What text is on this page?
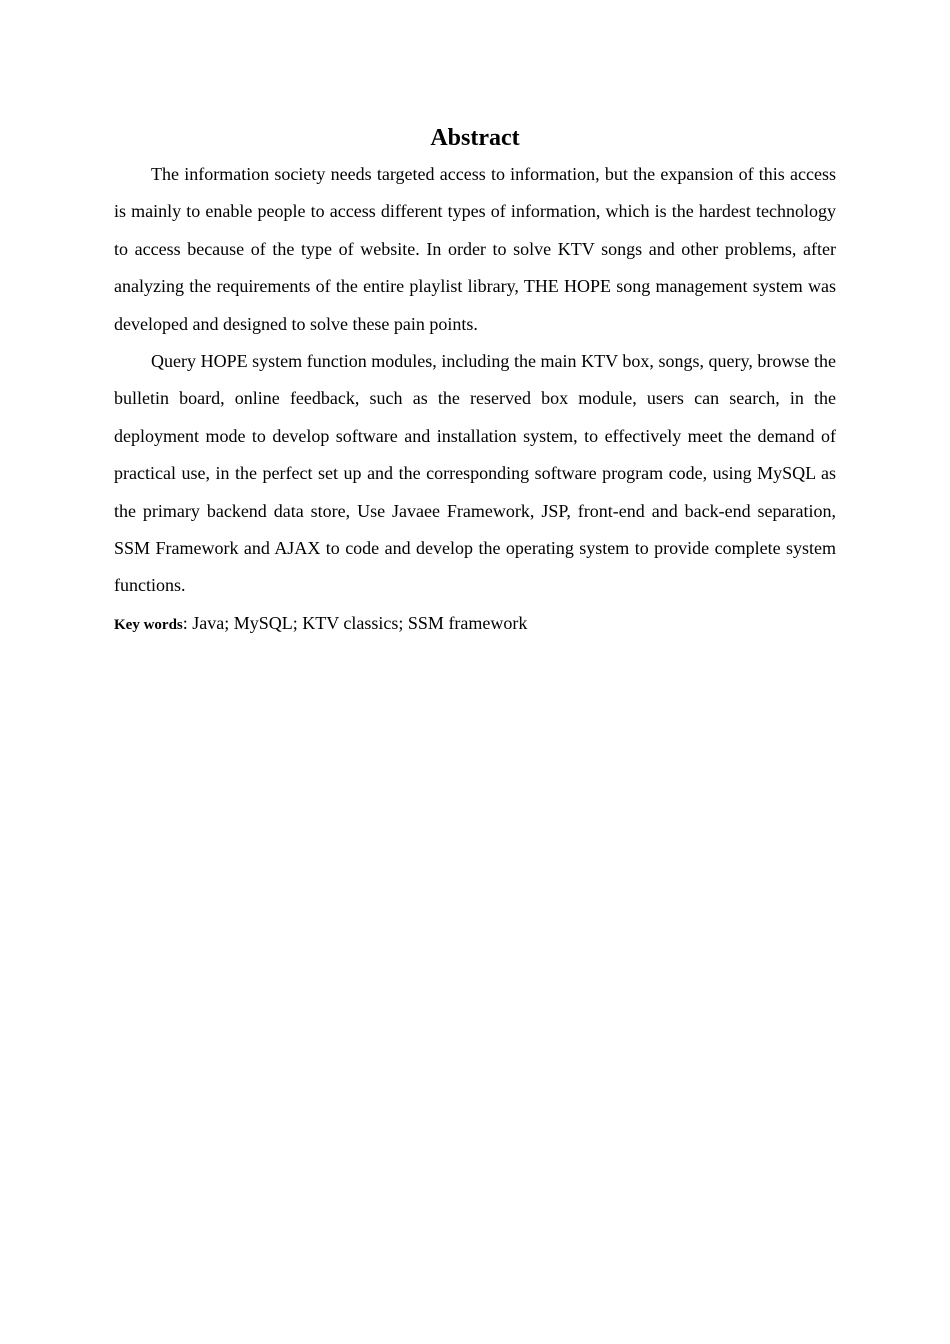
Abstract

The information society needs targeted access to information, but the expansion of this access is mainly to enable people to access different types of information, which is the hardest technology to access because of the type of website. In order to solve KTV songs and other problems, after analyzing the requirements of the entire playlist library, THE HOPE song management system was developed and designed to solve these pain points.

Query HOPE system function modules, including the main KTV box, songs, query, browse the bulletin board, online feedback, such as the reserved box module, users can search, in the deployment mode to develop software and installation system, to effectively meet the demand of practical use, in the perfect set up and the corresponding software program code, using MySQL as the primary backend data store, Use Javaee Framework, JSP, front-end and back-end separation, SSM Framework and AJAX to code and develop the operating system to provide complete system functions.

Key words: Java; MySQL; KTV classics; SSM framework
